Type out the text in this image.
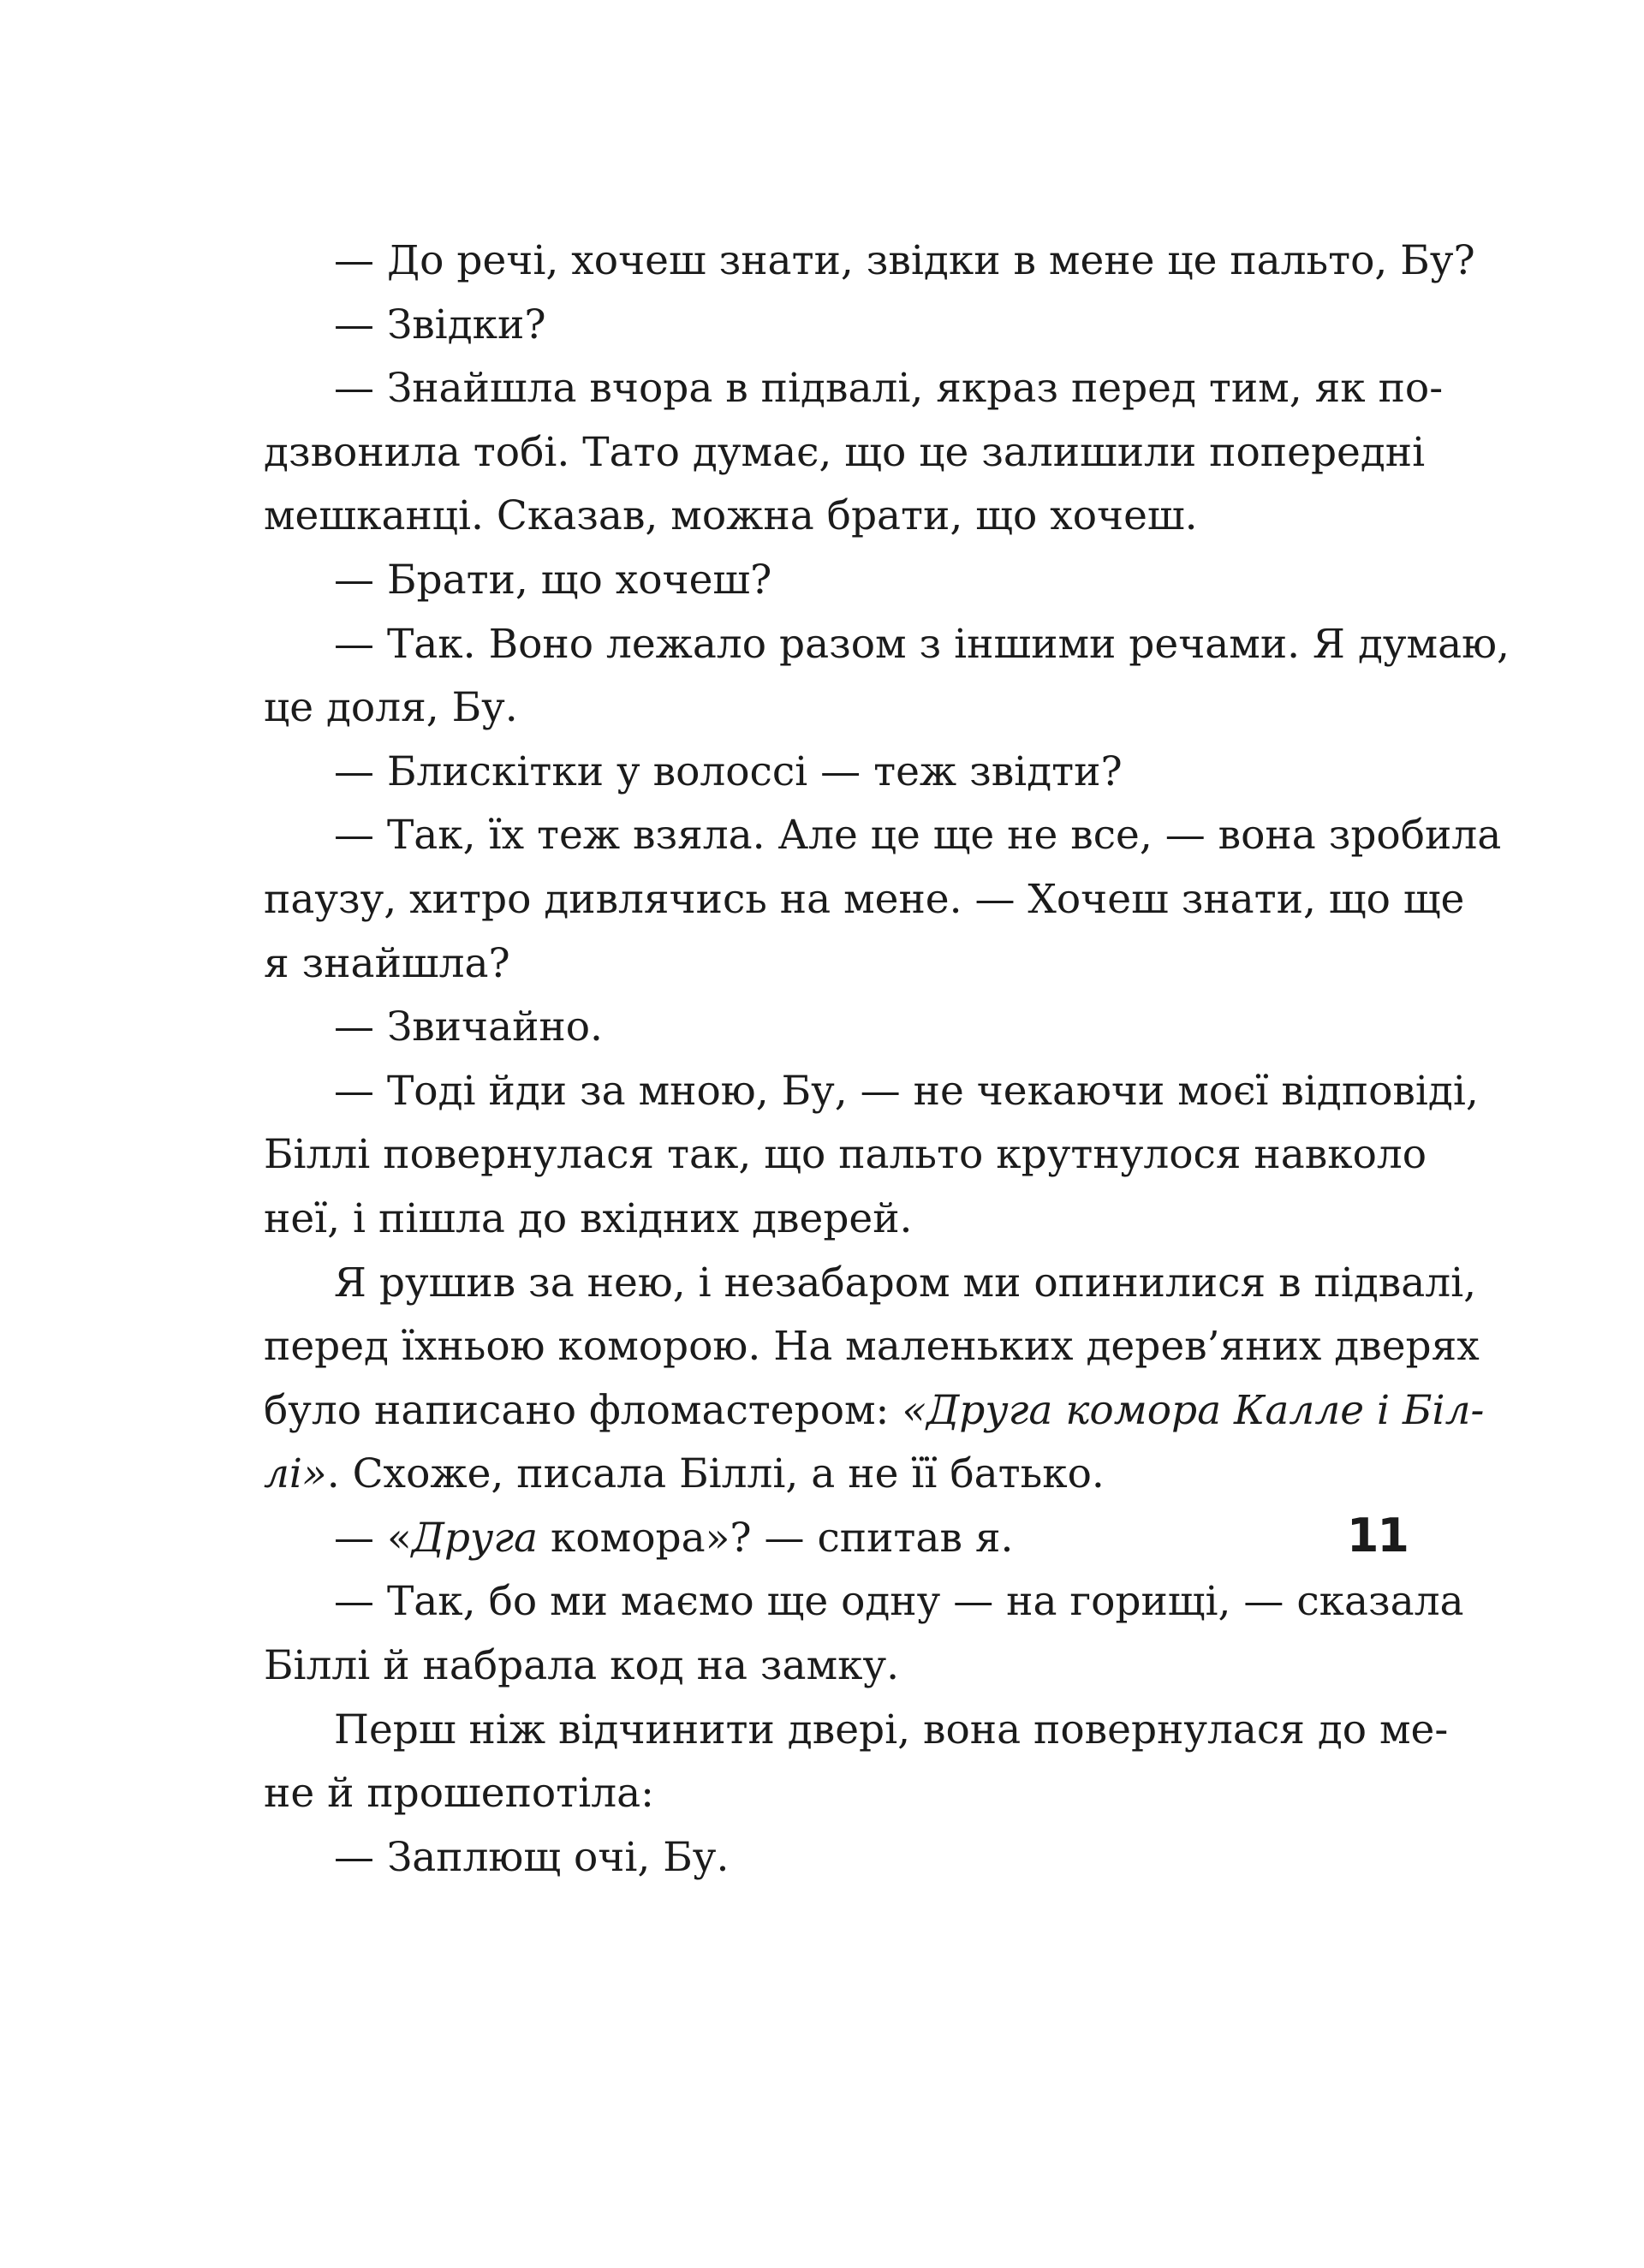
— До речі, хочеш знати, звідки в мене це пальто, Бу?
— Звідки?
— Знайшла вчора в підвалі, якраз перед тим, як по-
дзвонила тобі. Тато думає, що це залишили попередні
мешканці. Сказав, можна брати, що хочеш.
— Брати, що хочеш?
— Так. Воно лежало разом з іншими речами. Я думаю,
це доля, Бу.
— Блискітки у волоссі — теж звідти?
— Так, їх теж взяла. Але це ще не все, — вона зробила
паузу, хитро дивлячись на мене. — Хочеш знати, що ще
я знайшла?
— Звичайно.
— Тоді йди за мною, Бу, — не чекаючи моєї відповіді,
Біллі повернулася так, що пальто крутнулося навколо
неї, і пішла до вхідних дверей.
Я рушив за нею, і незабаром ми опинилися в підвалі,
перед їхньою коморою. На маленьких дерев’яних дверях
було написано фломастером: «Друга комора Калле і Біл-
лі». Схоже, писала Біллі, а не її батько.
— «Друга комора»? — спитав я.
— Так, бо ми маємо ще одну — на горищі, — сказала
Біллі й набрала код на замку.
Перш ніж відчинити двері, вона повернулася до ме-
не й прошепотіла:
— Заплющ очі, Бу.
11
